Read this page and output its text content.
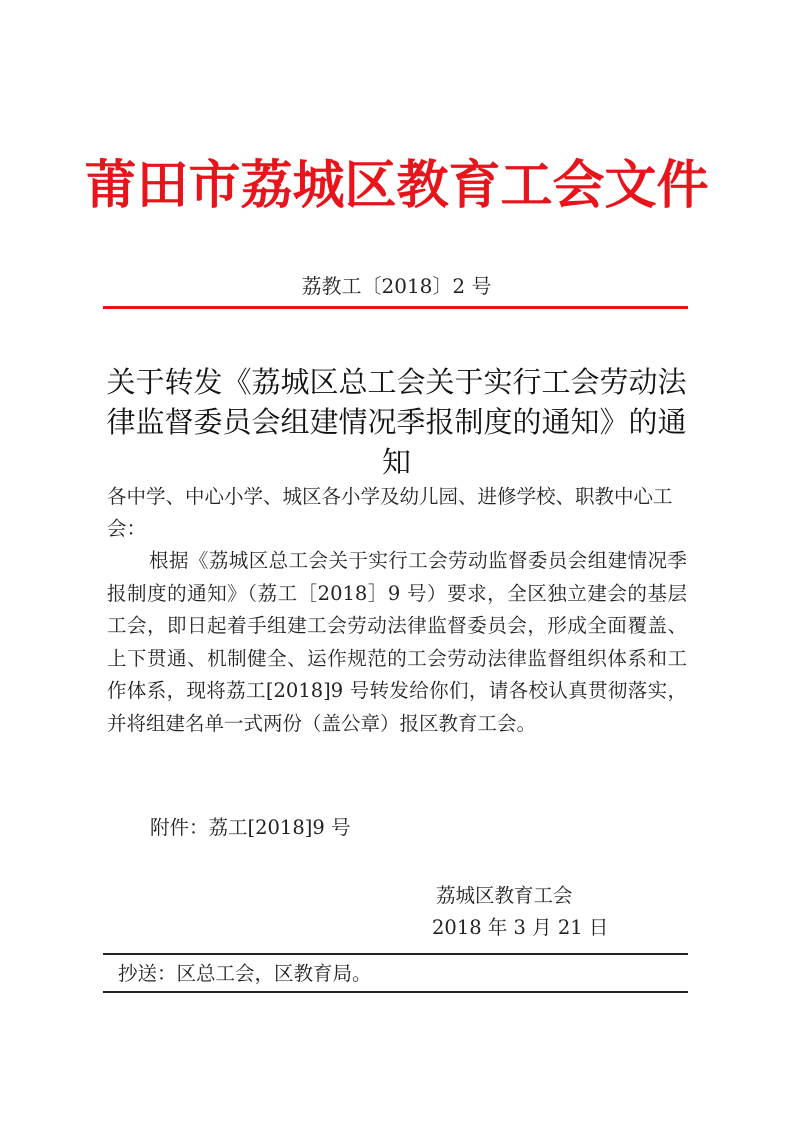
莆田市荔城区教育工会文件
荔教工〔2018〕2 号
关于转发《荔城区总工会关于实行工会劳动法
律监督委员会组建情况季报制度的通知》的通知
各中学、中心小学、城区各小学及幼儿园、进修学校、职教中心工会：
根据《荔城区总工会关于实行工会劳动监督委员会组建情况季报制度的通知》（荔工［2018］9 号）要求，全区独立建会的基层工会，即日起着手组建工会劳动法律监督委员会，形成全面覆盖、上下贯通、机制健全、运作规范的工会劳动法律监督组织体系和工作体系，现将荔工[2018]9 号转发给你们，请各校认真贯彻落实，并将组建名单一式两份（盖公章）报区教育工会。
附件：荔工[2018]9 号
荔城区教育工会
2018 年 3 月 21 日
抄送：区总工会，区教育局。
